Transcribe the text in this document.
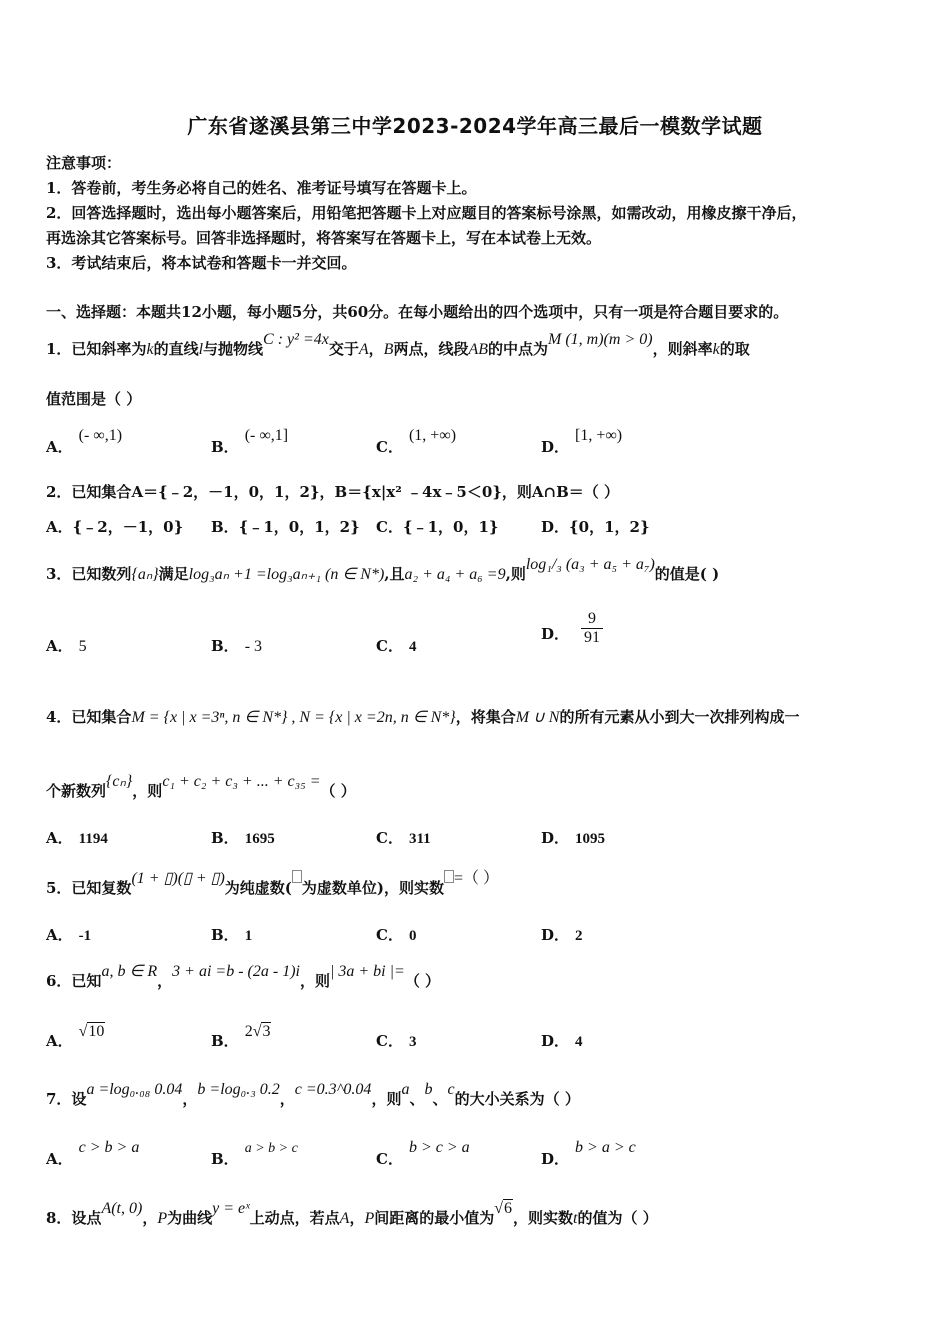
广东省遂溪县第三中学2023-2024学年高三最后一模数学试题
注意事项：
1．答卷前，考生务必将自己的姓名、准考证号填写在答题卡上。
2．回答选择题时，选出每小题答案后，用铅笔把答题卡上对应题目的答案标号涂黑，如需改动，用橡皮擦干净后，
再选涂其它答案标号。回答非选择题时，将答案写在答题卡上，写在本试卷上无效。
3．考试结束后，将本试卷和答题卡一并交回。
一、选择题：本题共12小题，每小题5分，共60分。在每小题给出的四个选项中，只有一项是符合题目要求的。
1．已知斜率为k的直线l与抛物线C : y² =4x交于A，B两点，线段AB的中点为M (1, m)(m > 0)，则斜率k的取
值范围是（ ）
A．(- ∞,1)
B．(- ∞,1]
C．(1, +∞)
D．[1, +∞)
2．已知集合A＝{﹣2，－1，0，1，2}，B＝{x|x² ﹣4x﹣5＜0}，则A∩B＝（ ）
A．{﹣2，－1，0} B．{﹣1，0，1，2} C．{﹣1，0，1}	D．{0，1，2}
3．已知数列{aₙ}满足log₃aₙ +1 =log₃aₙ₊₁ (n ∈ N*),且a₂ + a₄ + a₆ =9,则log₁/₃ (a₃ + a₅ + a₇)的值是( )
A． 5	B． - 3	C． 4
D． $\frac{9}{91}$
4．已知集合M = {x | x =3ⁿ, n ∈ N*} , N = {x | x =2n, n ∈ N*}，将集合M ∪ N的所有元素从小到大一次排列构成一
个新数列{cₙ}，则c₁ + c₂ + c₃ + ... + c₃₅ =（ ）
A． 1194	B． 1695	C． 311	D． 1095
5．已知复数(1 + ▯)(▯ + ▯)为纯虚数( 为虚数单位)，则实数=（ ）
A． -1	B． 1	C． 0	D． 2
6．已知a, b ∈ R，3 + ai =b - (2a - 1)i，则| 3a + bi |=（ ）
A．√10
B．2√3
C． 3	D． 4
7．设a =log₀.₀₈ 0.04，b =log₀.₃ 0.2，c =0.3^0.04，则a、b、c的大小关系为（ ）
A．c > b > a
B．a > b > c
C．b > c > a
D．b > a > c
8．设点A(t, 0)，P为曲线y = eˣ上动点，若点A，P间距离的最小值为√6，则实数t的值为（ ）
